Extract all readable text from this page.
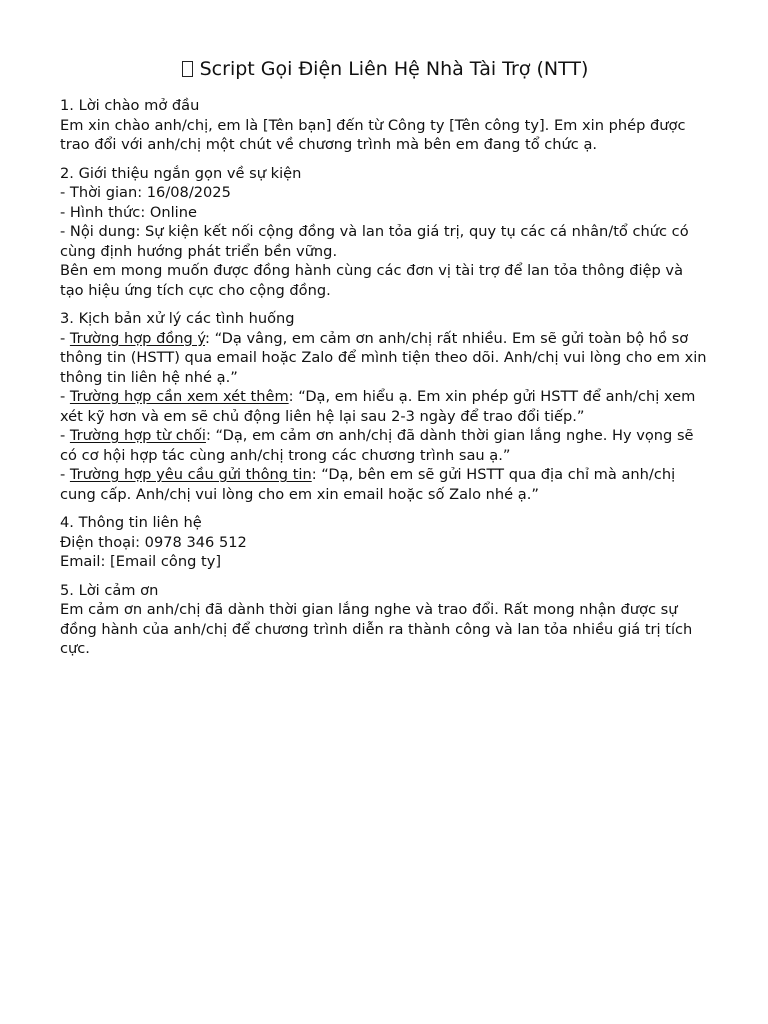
Script Gọi Điện Liên Hệ Nhà Tài Trợ (NTT)

1. Lời chào mở đầu

Em xin chào anh/chị, em là [Tên bạn] đến từ Công ty [Tên công ty]. Em xin phép được trao đổi với anh/chị một chút về chương trình mà bên em đang tổ chức ạ.

2. Giới thiệu ngắn gọn về sự kiện

- Thời gian: 16/08/2025

- Hình thức: Online

- Nội dung: Sự kiện kết nối cộng đồng và lan tỏa giá trị, quy tụ các cá nhân/tổ chức có cùng định hướng phát triển bền vững.

Bên em mong muốn được đồng hành cùng các đơn vị tài trợ để lan tỏa thông điệp và tạo hiệu ứng tích cực cho cộng đồng.

3. Kịch bản xử lý các tình huống

- Trường hợp đồng ý: “Dạ vâng, em cảm ơn anh/chị rất nhiều. Em sẽ gửi toàn bộ hồ sơ thông tin (HSTT) qua email hoặc Zalo để mình tiện theo dõi. Anh/chị vui lòng cho em xin thông tin liên hệ nhé ạ.”

- Trường hợp cần xem xét thêm: “Dạ, em hiểu ạ. Em xin phép gửi HSTT để anh/chị xem xét kỹ hơn và em sẽ chủ động liên hệ lại sau 2-3 ngày để trao đổi tiếp.”

- Trường hợp từ chối: “Dạ, em cảm ơn anh/chị đã dành thời gian lắng nghe. Hy vọng sẽ có cơ hội hợp tác cùng anh/chị trong các chương trình sau ạ.”

- Trường hợp yêu cầu gửi thông tin: “Dạ, bên em sẽ gửi HSTT qua địa chỉ mà anh/chị cung cấp. Anh/chị vui lòng cho em xin email hoặc số Zalo nhé ạ.”

4. Thông tin liên hệ

Điện thoại: 0978 346 512

Email: [Email công ty]

5. Lời cảm ơn

Em cảm ơn anh/chị đã dành thời gian lắng nghe và trao đổi. Rất mong nhận được sự đồng hành của anh/chị để chương trình diễn ra thành công và lan tỏa nhiều giá trị tích cực.
